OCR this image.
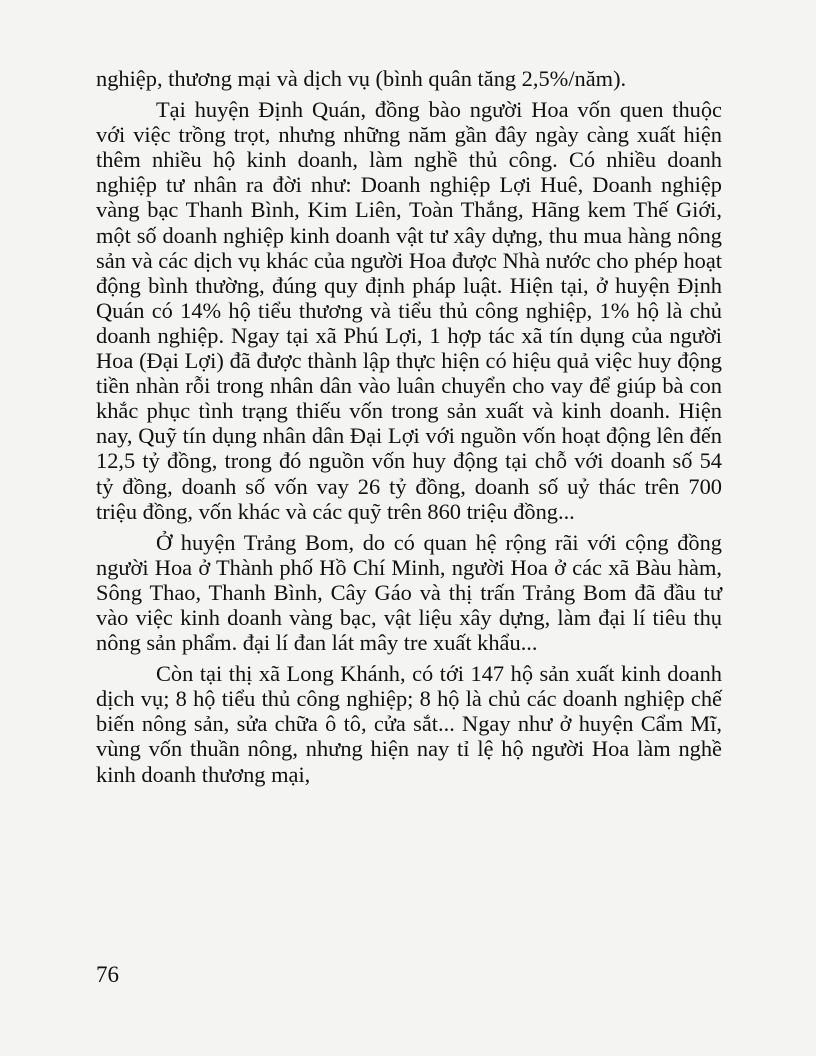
nghiệp, thương mại và dịch vụ (bình quân tăng 2,5%/năm).

Tại huyện Định Quán, đồng bào người Hoa vốn quen thuộc với việc trồng trọt, nhưng những năm gần đây ngày càng xuất hiện thêm nhiều hộ kinh doanh, làm nghề thủ công. Có nhiều doanh nghiệp tư nhân ra đời như: Doanh nghiệp Lợi Huê, Doanh nghiệp vàng bạc Thanh Bình, Kim Liên, Toàn Thắng, Hãng kem Thế Giới, một số doanh nghiệp kinh doanh vật tư xây dựng, thu mua hàng nông sản và các dịch vụ khác của người Hoa được Nhà nước cho phép hoạt động bình thường, đúng quy định pháp luật. Hiện tại, ở huyện Định Quán có 14% hộ tiểu thương và tiểu thủ công nghiệp, 1% hộ là chủ doanh nghiệp. Ngay tại xã Phú Lợi, 1 hợp tác xã tín dụng của người Hoa (Đại Lợi) đã được thành lập thực hiện có hiệu quả việc huy động tiền nhàn rỗi trong nhân dân vào luân chuyển cho vay để giúp bà con khắc phục tình trạng thiếu vốn trong sản xuất và kinh doanh. Hiện nay, Quỹ tín dụng nhân dân Đại Lợi với nguồn vốn hoạt động lên đến 12,5 tỷ đồng, trong đó nguồn vốn huy động tại chỗ với doanh số 54 tỷ đồng, doanh số vốn vay 26 tỷ đồng, doanh số uỷ thác trên 700 triệu đồng, vốn khác và các quỹ trên 860 triệu đồng...

Ở huyện Trảng Bom, do có quan hệ rộng rãi với cộng đồng người Hoa ở Thành phố Hồ Chí Minh, người Hoa ở các xã Bàu hàm, Sông Thao, Thanh Bình, Cây Gáo và thị trấn Trảng Bom đã đầu tư vào việc kinh doanh vàng bạc, vật liệu xây dựng, làm đại lí tiêu thụ nông sản phẩm. đại lí đan lát mây tre xuất khẩu...

Còn tại thị xã Long Khánh, có tới 147 hộ sản xuất kinh doanh dịch vụ; 8 hộ tiểu thủ công nghiệp; 8 hộ là chủ các doanh nghiệp chế biến nông sản, sửa chữa ô tô, cửa sắt... Ngay như ở huyện Cẩm Mĩ, vùng vốn thuần nông, nhưng hiện nay tỉ lệ hộ người Hoa làm nghề kinh doanh thương mại,

76
